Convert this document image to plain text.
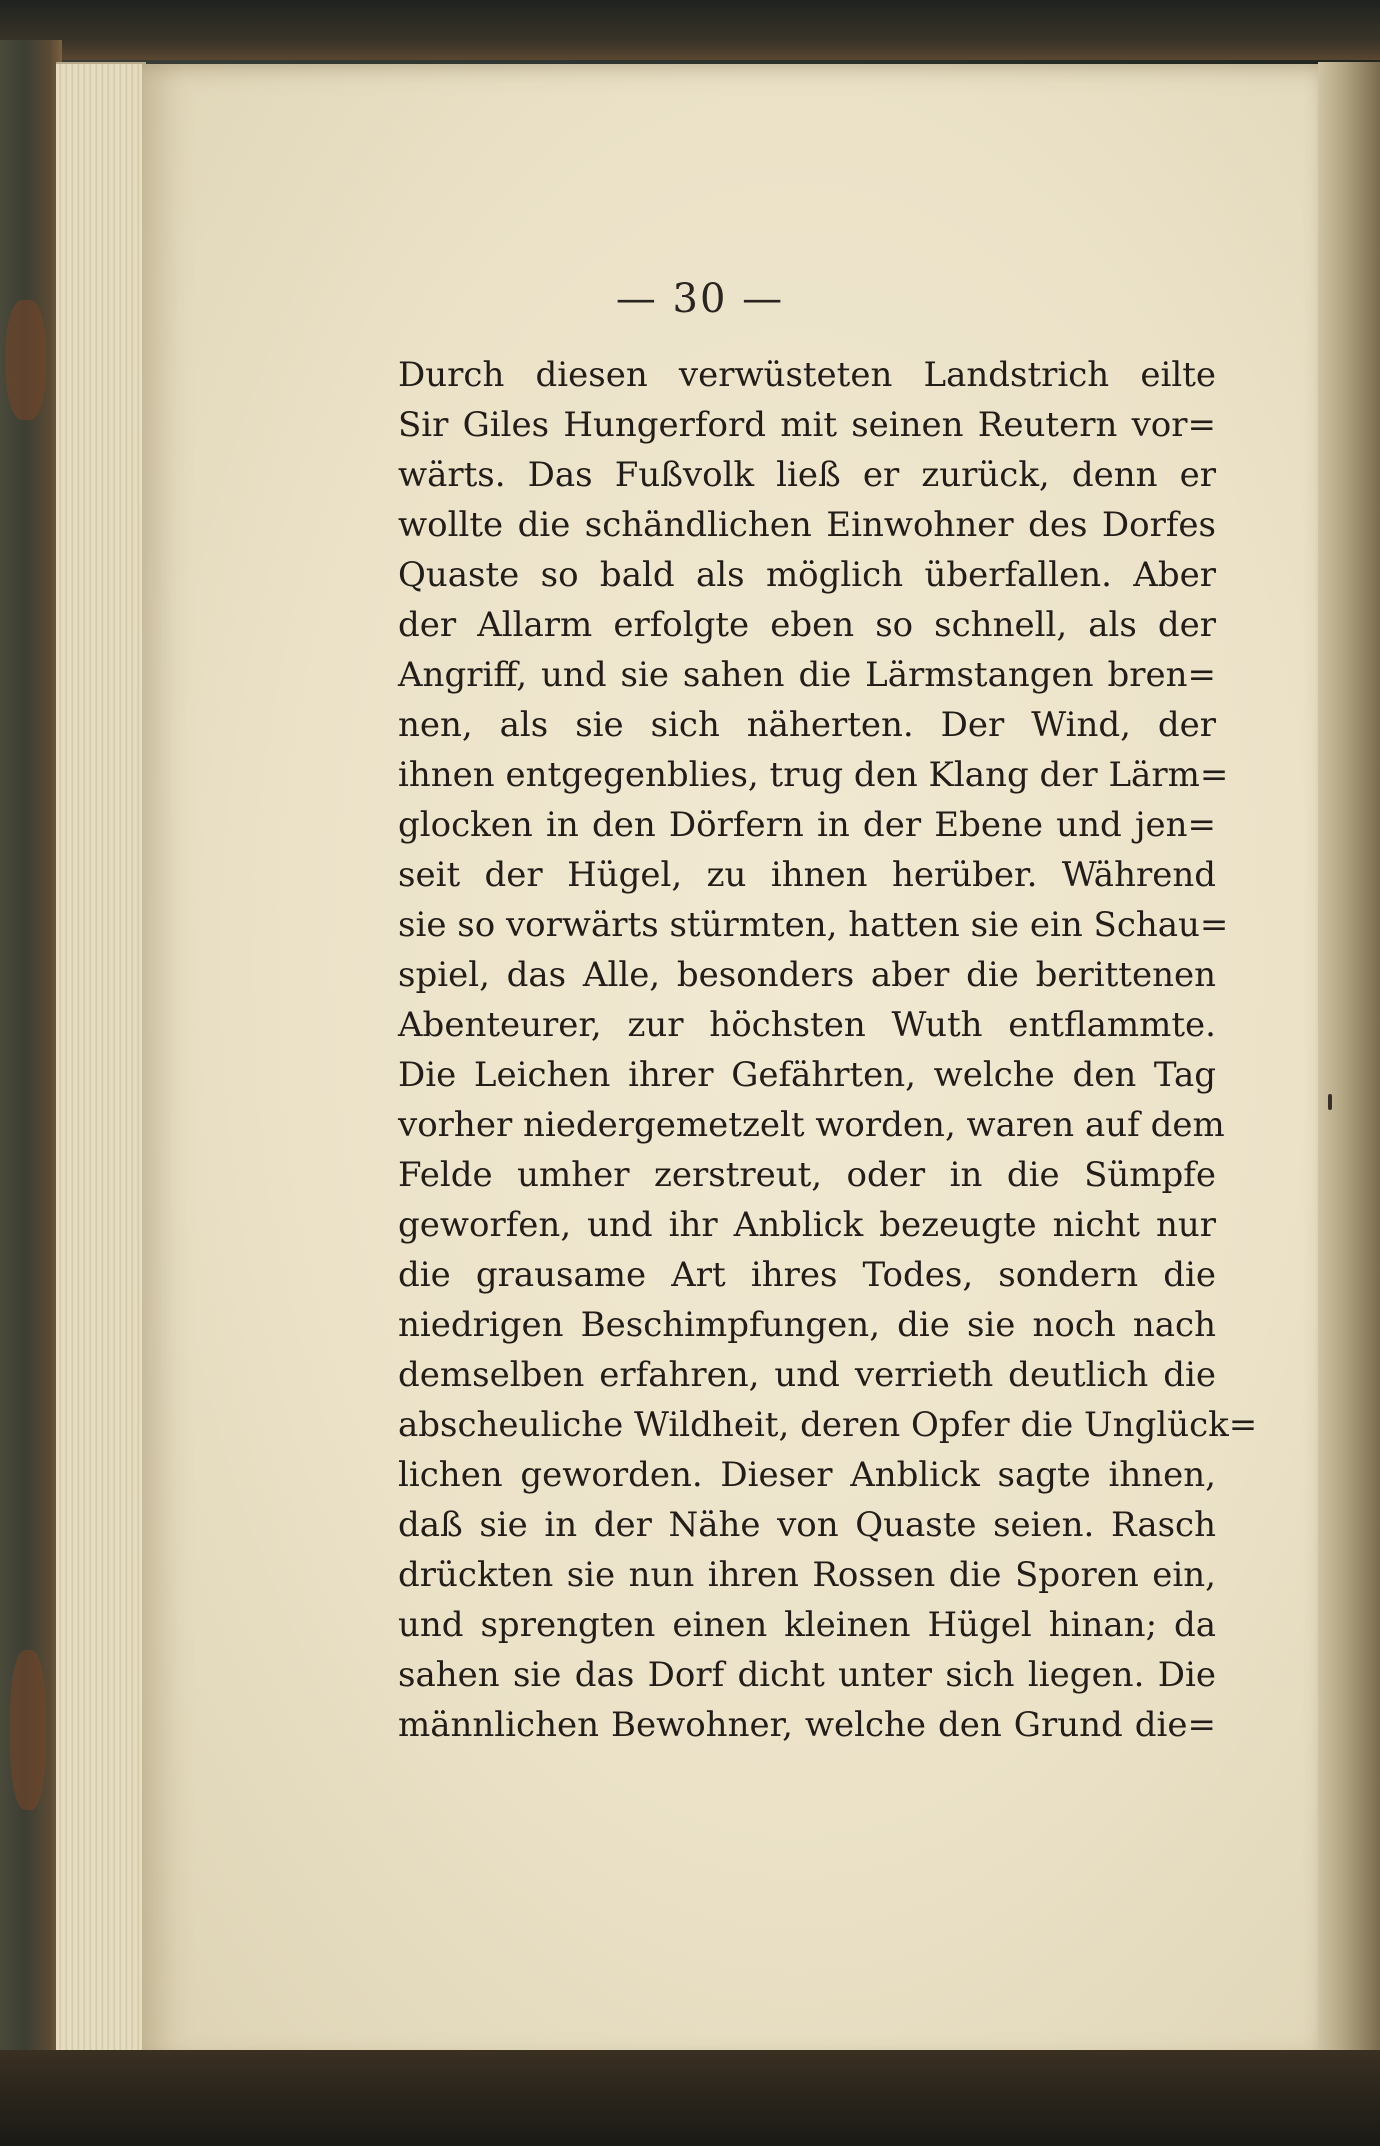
— 30 —
Durch diesen verwüsteten Landstrich eilte
Sir Giles Hungerford mit seinen Reutern vor=
wärts. Das Fußvolk ließ er zurück, denn er
wollte die schändlichen Einwohner des Dorfes
Quaste so bald als möglich überfallen. Aber
der Allarm erfolgte eben so schnell, als der
Angriff, und sie sahen die Lärmstangen bren=
nen, als sie sich näherten. Der Wind, der
ihnen entgegenblies, trug den Klang der Lärm=
glocken in den Dörfern in der Ebene und jen=
seit der Hügel, zu ihnen herüber. Während
sie so vorwärts stürmten, hatten sie ein Schau=
spiel, das Alle, besonders aber die berittenen
Abenteurer, zur höchsten Wuth entflammte.
Die Leichen ihrer Gefährten, welche den Tag
vorher niedergemetzelt worden, waren auf dem
Felde umher zerstreut, oder in die Sümpfe
geworfen, und ihr Anblick bezeugte nicht nur
die grausame Art ihres Todes, sondern die
niedrigen Beschimpfungen, die sie noch nach
demselben erfahren, und verrieth deutlich die
abscheuliche Wildheit, deren Opfer die Unglück=
lichen geworden. Dieser Anblick sagte ihnen,
daß sie in der Nähe von Quaste seien. Rasch
drückten sie nun ihren Rossen die Sporen ein,
und sprengten einen kleinen Hügel hinan; da
sahen sie das Dorf dicht unter sich liegen. Die
männlichen Bewohner, welche den Grund die=
